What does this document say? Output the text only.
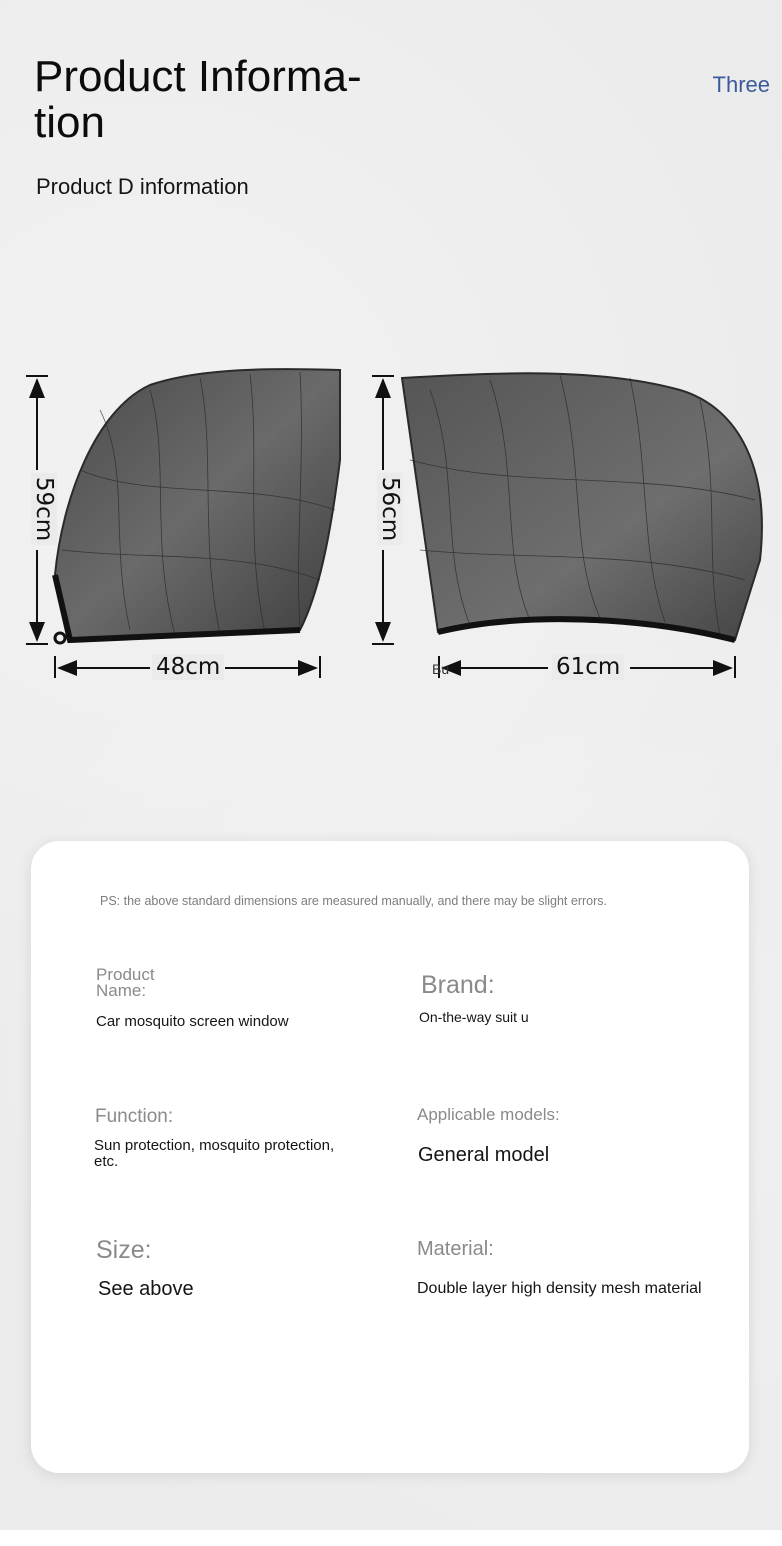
Product Informa-
tion
Three
Product D information
59cm
48cm
56cm
61cm
Bu
PS: the above standard dimensions are measured manually, and there may be slight errors.
Product
Name:
Car mosquito screen window
Brand:
On-the-way suit u
Function:
Sun protection, mosquito protection,
etc.
Applicable models:
General model
Size:
See above
Material:
Double layer high density mesh material
